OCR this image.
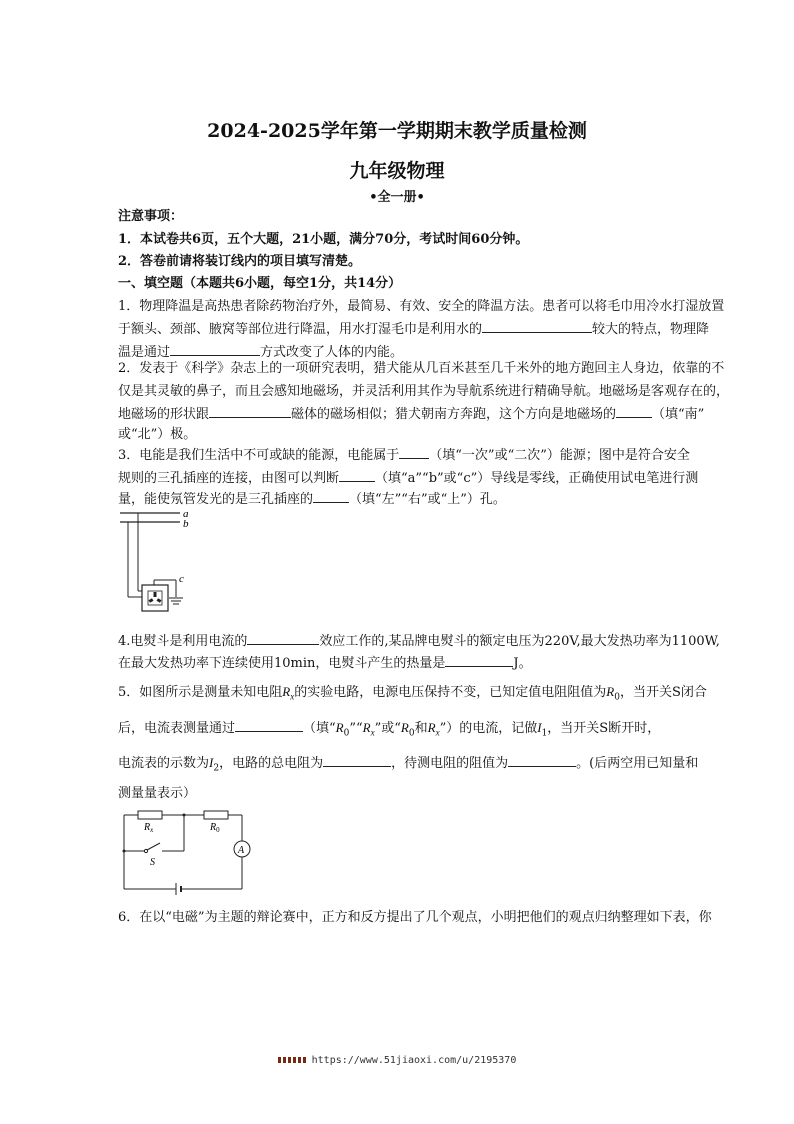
2024-2025学年第一学期期末教学质量检测
九年级物理
•全一册•
注意事项：
1．本试卷共6页，五个大题，21小题，满分70分，考试时间60分钟。
2．答卷前请将装订线内的项目填写清楚。
一、填空题（本题共6小题，每空1分，共14分）
1．物理降温是高热患者除药物治疗外，最简易、有效、安全的降温方法。患者可以将毛巾用冷水打湿放置
于额头、颈部、腋窝等部位进行降温，用水打湿毛巾是利用水的	较大的特点，物理降
温是通过	方式改变了人体的内能。
2．发表于《科学》杂志上的一项研究表明，猎犬能从几百米甚至几千米外的地方跑回主人身边，依靠的不
仅是其灵敏的鼻子，而且会感知地磁场，并灵活利用其作为导航系统进行精确导航。地磁场是客观存在的，
地磁场的形状跟	磁体的磁场相似；猎犬朝南方奔跑，这个方向是地磁场的	（填“南”
或“北”）极。
3．电能是我们生活中不可或缺的能源，电能属于 （填“一次”或“二次”）能源；图中是符合安全
规则的三孔插座的连接，由图可以判断	（填“a”“b”或“c”）导线是零线，正确使用试电笔进行测
量，能使氖管发光的是三孔插座的	（填“左”“右”或“上”）孔。
a
b
c
4.电熨斗是利用电流的	效应工作的,某品牌电熨斗的额定电压为220V,最大发热功率为1100W,
在最大发热功率下连续使用10min，电熨斗产生的热量是	J。
5．如图所示是测量未知电阻$R_x$的实验电路，电源电压保持不变，已知定值电阻阻值为$R_0$，当开关S闭合
后，电流表测量通过	（填“$R_0”“R_x$”或“$R_0$和$R_x$”）的电流，记做$I_1$，当开关S断开时，
电流表的示数为$I_2$，电路的总电阻为	，待测电阻的阻值为	。(后两空用已知量和
测量量表示）
$R_x$	$R_0$
A
S
6．在以“电磁”为主题的辩论赛中，正方和反方提出了几个观点，小明把他们的观点归纳整理如下表，你
https://www.51jiaoxi.com/u/2195370
